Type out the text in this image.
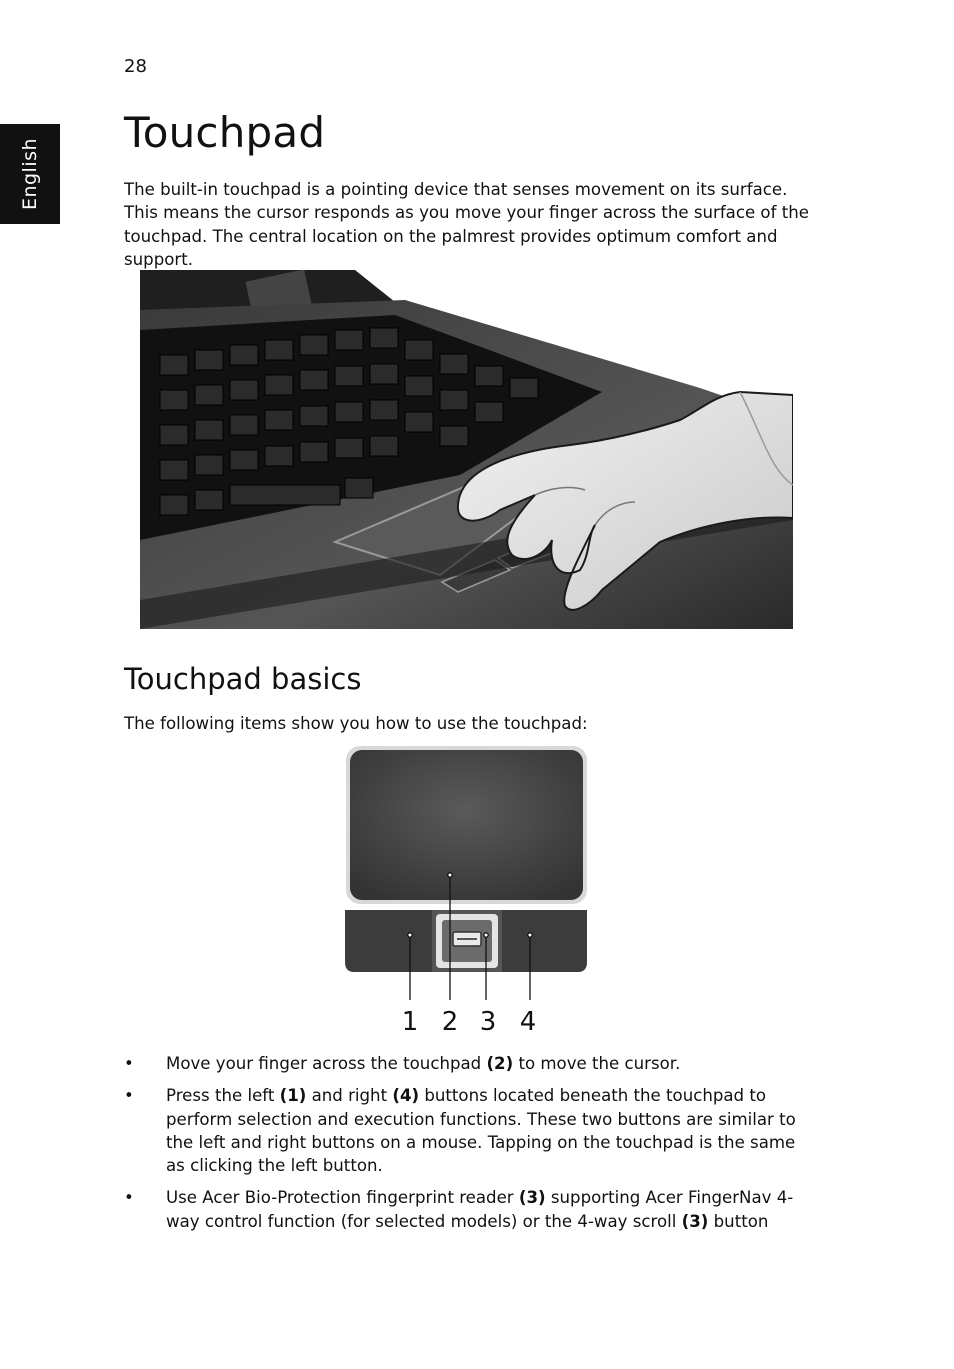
28
English
Touchpad

The built-in touchpad is a pointing device that senses movement on its surface. This means the cursor responds as you move your finger across the surface of the touchpad. The central location on the palmrest provides optimum comfort and support.

Touchpad basics

The following items show you how to use the touchpad:

1 2 3 4
• Move your finger across the touchpad (2) to move the cursor.
• Press the left (1) and right (4) buttons located beneath the touchpad to perform selection and execution functions. These two buttons are similar to the left and right buttons on a mouse. Tapping on the touchpad is the same as clicking the left button.
• Use Acer Bio-Protection fingerprint reader (3) supporting Acer FingerNav 4-way control function (for selected models) or the 4-way scroll (3) button
